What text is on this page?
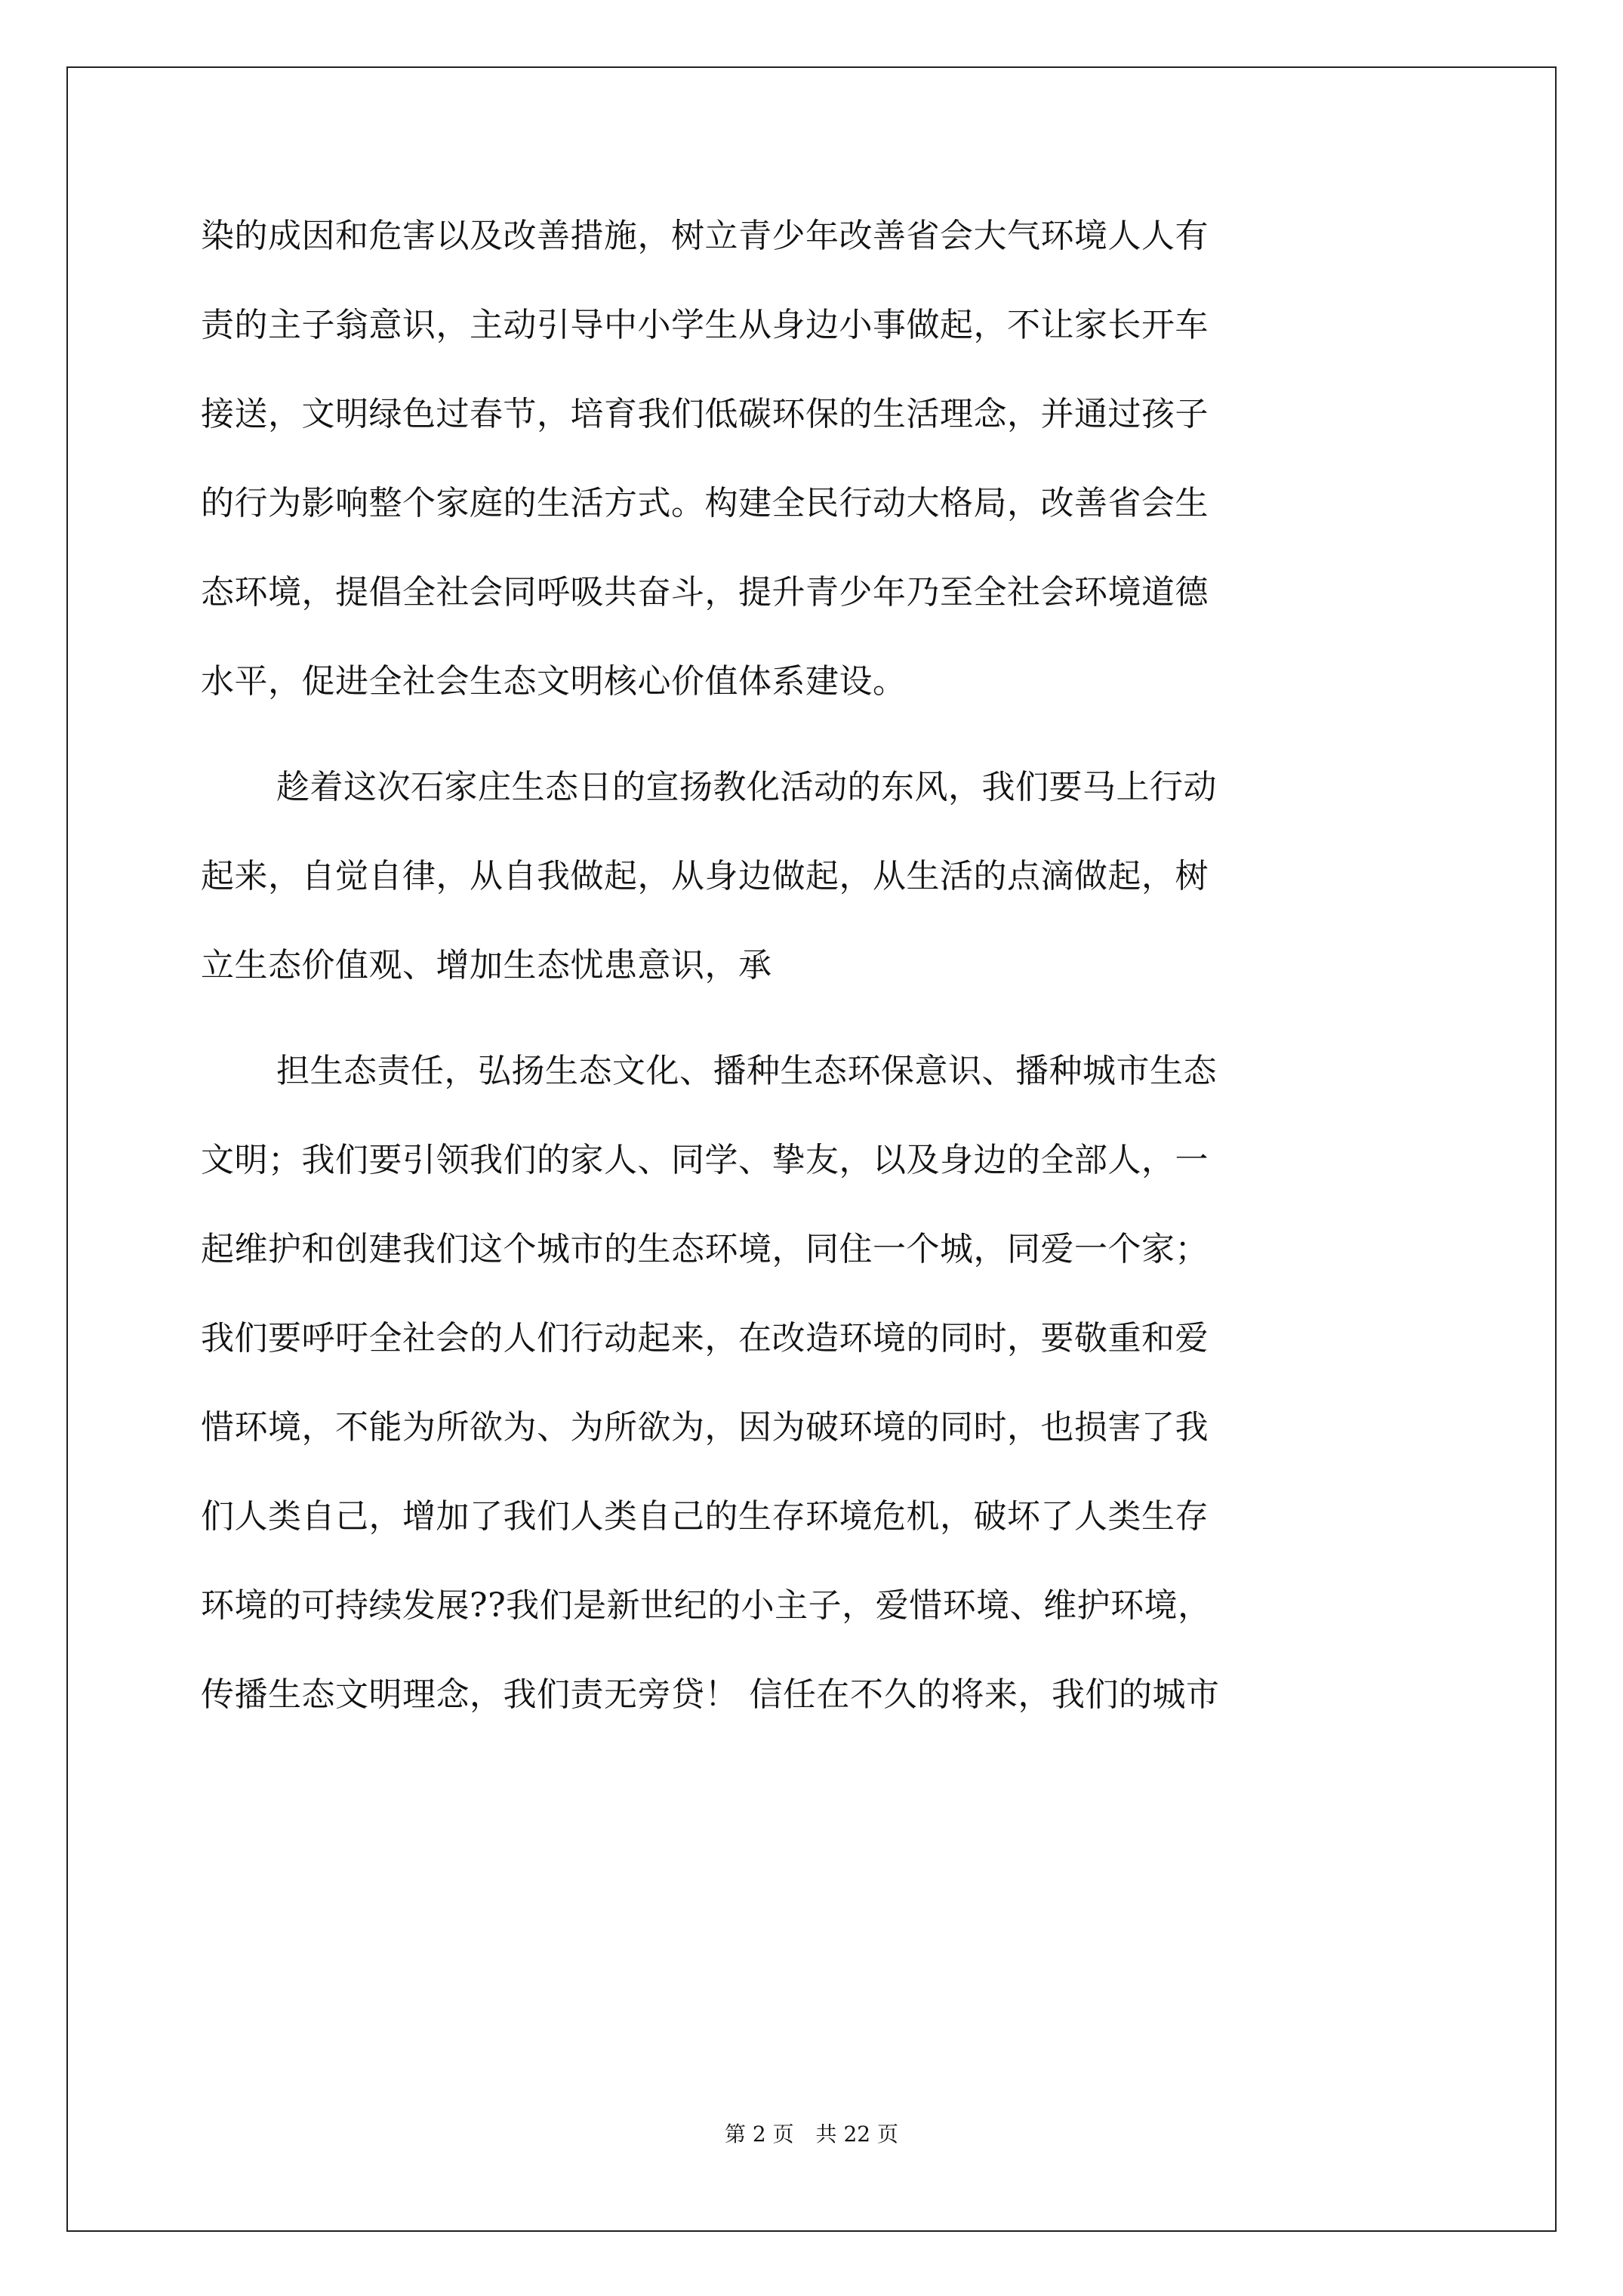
染的成因和危害以及改善措施，树立青少年改善省会大气环境人人有
责的主子翁意识，主动引导中小学生从身边小事做起，不让家长开车
接送，文明绿色过春节，培育我们低碳环保的生活理念，并通过孩子
的行为影响整个家庭的生活方式。构建全民行动大格局，改善省会生
态环境，提倡全社会同呼吸共奋斗，提升青少年乃至全社会环境道德
水平，促进全社会生态文明核心价值体系建设。
趁着这次石家庄生态日的宣扬教化活动的东风，我们要马上行动
起来，自觉自律，从自我做起，从身边做起，从生活的点滴做起，树
立生态价值观、增加生态忧患意识，承
担生态责任，弘扬生态文化、播种生态环保意识、播种城市生态
文明；我们要引领我们的家人、同学、挚友，以及身边的全部人，一
起维护和创建我们这个城市的生态环境，同住一个城，同爱一个家；
我们要呼吁全社会的人们行动起来，在改造环境的同时，要敬重和爱
惜环境，不能为所欲为、为所欲为，因为破环境的同时，也损害了我
们人类自己，增加了我们人类自己的生存环境危机，破坏了人类生存
环境的可持续发展??我们是新世纪的小主子，爱惜环境、维护环境，
传播生态文明理念，我们责无旁贷！ 信任在不久的将来，我们的城市
第 2 页 共 22 页
